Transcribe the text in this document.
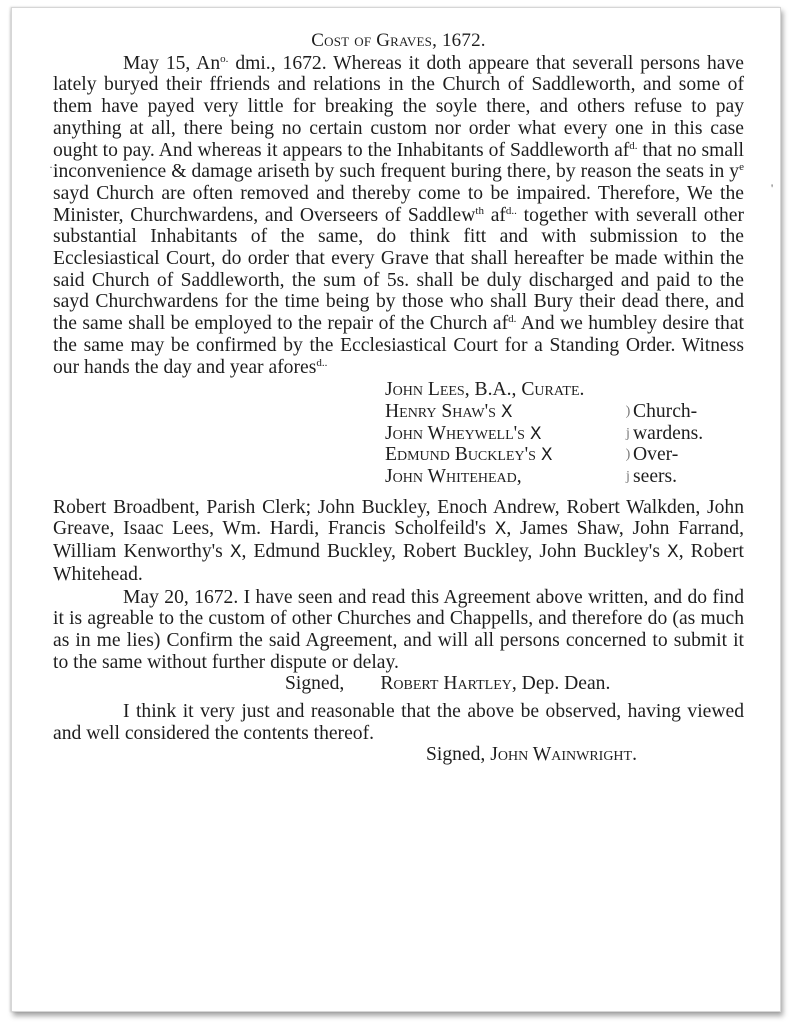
·
'
Cost of Graves, 1672.
May 15, $An^{o.}$ dmi., 1672. Whereas it doth appeare that severall persons have lately buryed their ffriends and relations in the Church of Saddleworth, and some of them have payed very little for breaking the soyle there, and others refuse to pay anything at all, there being no certain custom nor order what every one in this case ought to pay. And whereas it appears to the Inhabitants of Saddleworth $af^{d.}$ that no small inconvenience & damage ariseth by such frequent buring there, by reason the seats in $y^e$ sayd Church are often removed and thereby come to be impaired. Therefore, We the Minister, Churchwardens, and Overseers of Saddlew$^{th}$ $af^{d..}$ together with severall other substantial Inhabitants of the same, do think fitt and with submission to the Ecclesiastical Court, do order that every Grave that shall hereafter be made within the said Church of Saddleworth, the sum of 5s. shall be duly discharged and paid to the sayd Churchwardens for the time being by those who shall Bury their dead there, and the same shall be employed to the repair of the Church $af^{d.}$ And we humbley desire that the same may be confirmed by the Ecclesiastical Court for a Standing Order. Witness our hands the day and year afores$^{d..}$
John Lees, B.A., Curate.
Henry Shaw's X	) Church-
John Wheywell's X	j wardens.
Edmund Buckley's X	) Over-
John Whitehead,	j seers.
Robert Broadbent, Parish Clerk; John Buckley, Enoch Andrew, Robert Walkden, John Greave, Isaac Lees, Wm. Hardi, Francis Scholfeild's X, James Shaw, John Farrand, William Kenworthy's X, Edmund Buckley, Robert Buckley, John Buckley's X, Robert Whitehead.
May 20, 1672. I have seen and read this Agreement above written, and do find it is agreable to the custom of other Churches and Chappells, and therefore do (as much as in me lies) Confirm the said Agreement, and will all persons concerned to submit it to the same without further dispute or delay.
Signed, Robert Hartley, Dep. Dean.
I think it very just and reasonable that the above be observed, having viewed and well considered the contents thereof.
Signed, John Wainwright.
